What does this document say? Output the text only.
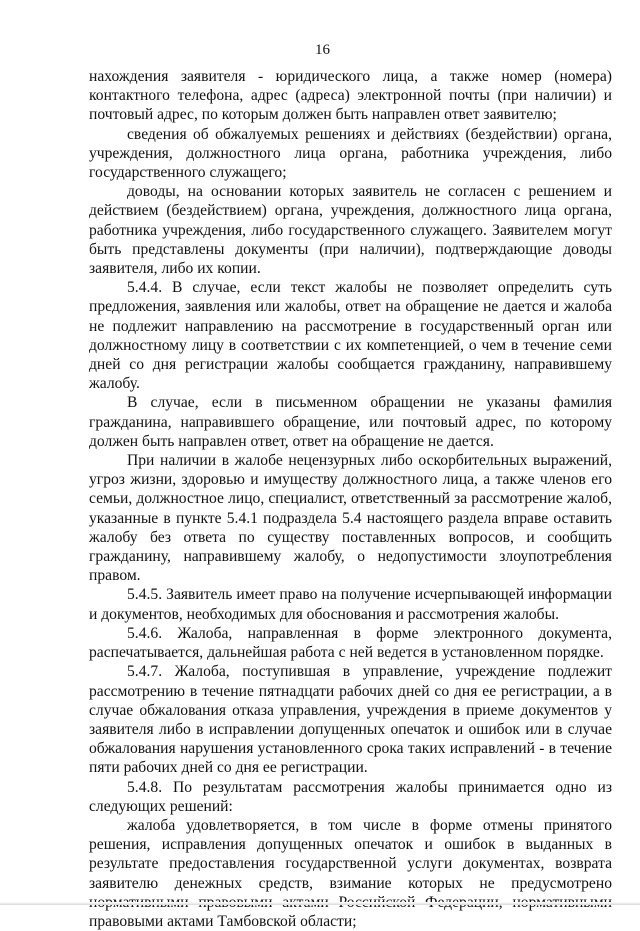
16

нахождения заявителя - юридического лица, а также номер (номера) контактного телефона, адрес (адреса) электронной почты (при наличии) и почтовый адрес, по которым должен быть направлен ответ заявителю;

сведения об обжалуемых решениях и действиях (бездействии) органа, учреждения, должностного лица органа, работника учреждения, либо государственного служащего;

доводы, на основании которых заявитель не согласен с решением и действием (бездействием) органа, учреждения, должностного лица органа, работника учреждения, либо государственного служащего. Заявителем могут быть представлены документы (при наличии), подтверждающие доводы заявителя, либо их копии.

5.4.4. В случае, если текст жалобы не позволяет определить суть предложения, заявления или жалобы, ответ на обращение не дается и жалоба не подлежит направлению на рассмотрение в государственный орган или должностному лицу в соответствии с их компетенцией, о чем в течение семи дней со дня регистрации жалобы сообщается гражданину, направившему жалобу.

В случае, если в письменном обращении не указаны фамилия гражданина, направившего обращение, или почтовый адрес, по которому должен быть направлен ответ, ответ на обращение не дается.

При наличии в жалобе нецензурных либо оскорбительных выражений, угроз жизни, здоровью и имуществу должностного лица, а также членов его семьи, должностное лицо, специалист, ответственный за рассмотрение жалоб, указанные в пункте 5.4.1 подраздела 5.4 настоящего раздела вправе оставить жалобу без ответа по существу поставленных вопросов, и сообщить гражданину, направившему жалобу, о недопустимости злоупотребления правом.

5.4.5. Заявитель имеет право на получение исчерпывающей информации и документов, необходимых для обоснования и рассмотрения жалобы.

5.4.6. Жалоба, направленная в форме электронного документа, распечатывается, дальнейшая работа с ней ведется в установленном порядке.

5.4.7. Жалоба, поступившая в управление, учреждение подлежит рассмотрению в течение пятнадцати рабочих дней со дня ее регистрации, а в случае обжалования отказа управления, учреждения в приеме документов у заявителя либо в исправлении допущенных опечаток и ошибок или в случае обжалования нарушения установленного срока таких исправлений - в течение пяти рабочих дней со дня ее регистрации.

5.4.8. По результатам рассмотрения жалобы принимается одно из следующих решений:

жалоба удовлетворяется, в том числе в форме отмены принятого решения, исправления допущенных опечаток и ошибок в выданных в результате предоставления государственной услуги документах, возврата заявителю денежных средств, взимание которых не предусмотрено правовыми актами Тамбовской области;
